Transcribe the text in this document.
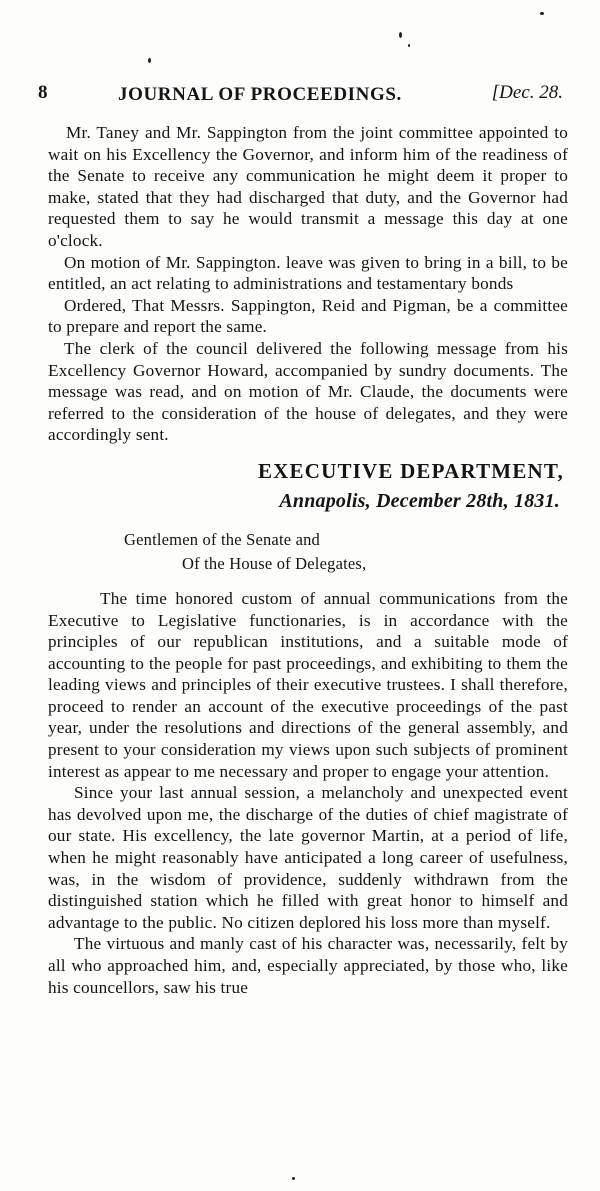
8	JOURNAL OF PROCEEDINGS.	[Dec. 28.

Mr. Taney and Mr. Sappington from the joint committee appointed to wait on his Excellency the Governor, and inform him of the readiness of the Senate to receive any communication he might deem it proper to make, stated that they had discharged that duty, and the Governor had requested them to say he would transmit a message this day at one o'clock.

On motion of Mr. Sappington. leave was given to bring in a bill, to be entitled, an act relating to administrations and testamentary bonds

Ordered, That Messrs. Sappington, Reid and Pigman, be a committee to prepare and report the same.

The clerk of the council delivered the following message from his Excellency Governor Howard, accompanied by sundry documents. The message was read, and on motion of Mr. Claude, the documents were referred to the consideration of the house of delegates, and they were accordingly sent.

EXECUTIVE DEPARTMENT,
Annapolis, December 28th, 1831.
Gentlemen of the Senate and
Of the House of Delegates,

The time honored custom of annual communications from the Executive to Legislative functionaries, is in accordance with the principles of our republican institutions, and a suitable mode of accounting to the people for past proceedings, and exhibiting to them the leading views and principles of their executive trustees. I shall therefore, proceed to render an account of the executive proceedings of the past year, under the resolutions and directions of the general assembly, and present to your consideration my views upon such subjects of prominent interest as appear to me necessary and proper to engage your attention.

Since your last annual session, a melancholy and unexpected event has devolved upon me, the discharge of the duties of chief magistrate of our state. His excellency, the late governor Martin, at a period of life, when he might reasonably have anticipated a long career of usefulness, was, in the wisdom of providence, suddenly withdrawn from the distinguished station which he filled with great honor to himself and advantage to the public. No citizen deplored his loss more than myself.

The virtuous and manly cast of his character was, necessarily, felt by all who approached him, and, especially appreciated, by those who, like his councellors, saw his true
